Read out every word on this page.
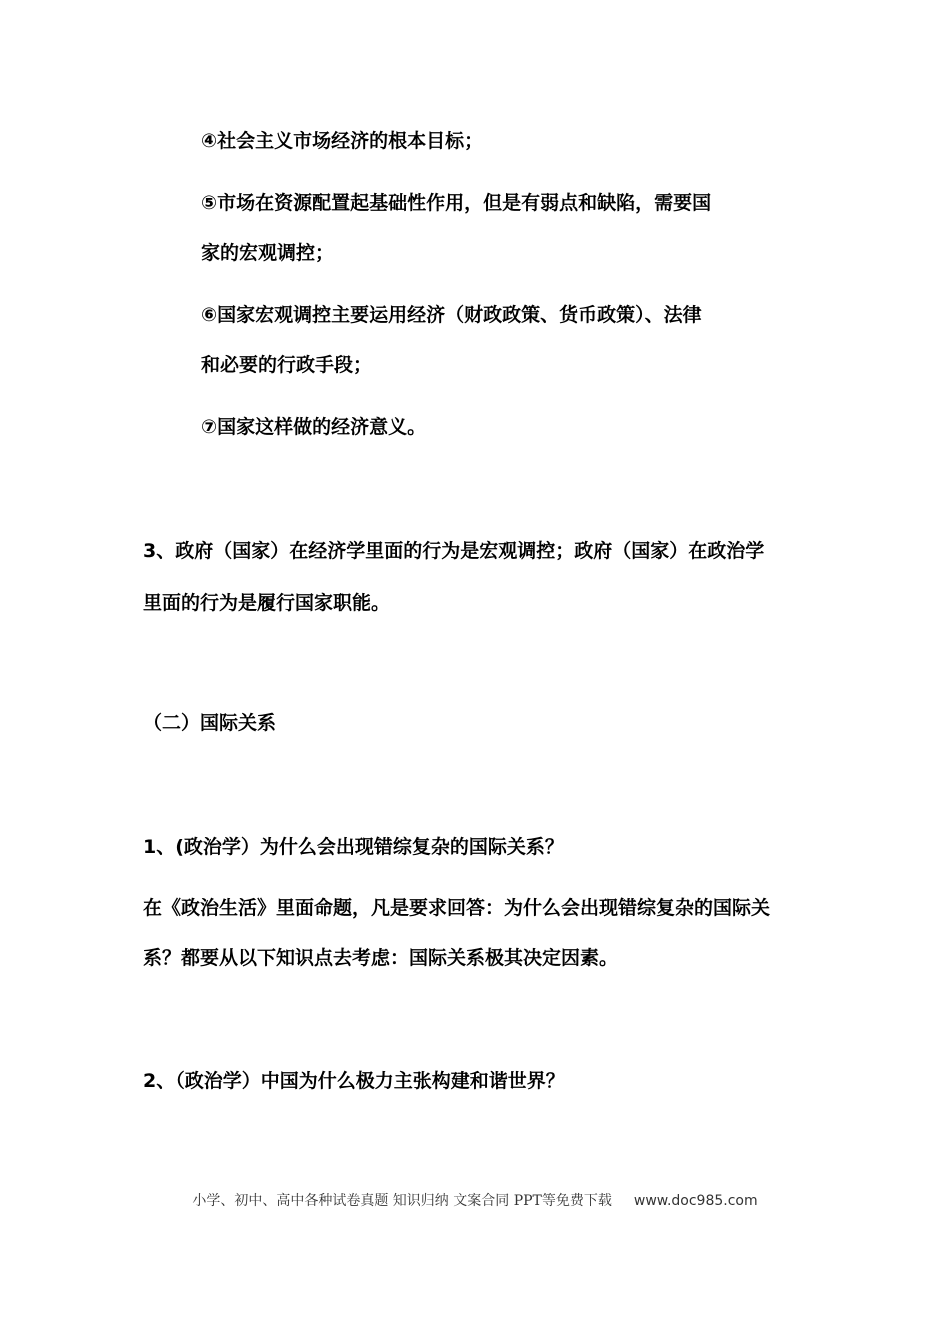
④社会主义市场经济的根本目标；
⑤市场在资源配置起基础性作用，但是有弱点和缺陷，需要国
家的宏观调控；
⑥国家宏观调控主要运用经济（财政政策、货币政策）、法律
和必要的行政手段；
⑦国家这样做的经济意义。
3、政府（国家）在经济学里面的行为是宏观调控；政府（国家）在政治学
里面的行为是履行国家职能。
（二）国际关系
1、(政治学）为什么会出现错综复杂的国际关系？
在《政治生活》里面命题，凡是要求回答：为什么会出现错综复杂的国际关
系？都要从以下知识点去考虑：国际关系极其决定因素。
2、（政治学）中国为什么极力主张构建和谐世界？
小学、初中、高中各种试卷真题 知识归纳 文案合同 PPT等免费下载 www.doc985.com
